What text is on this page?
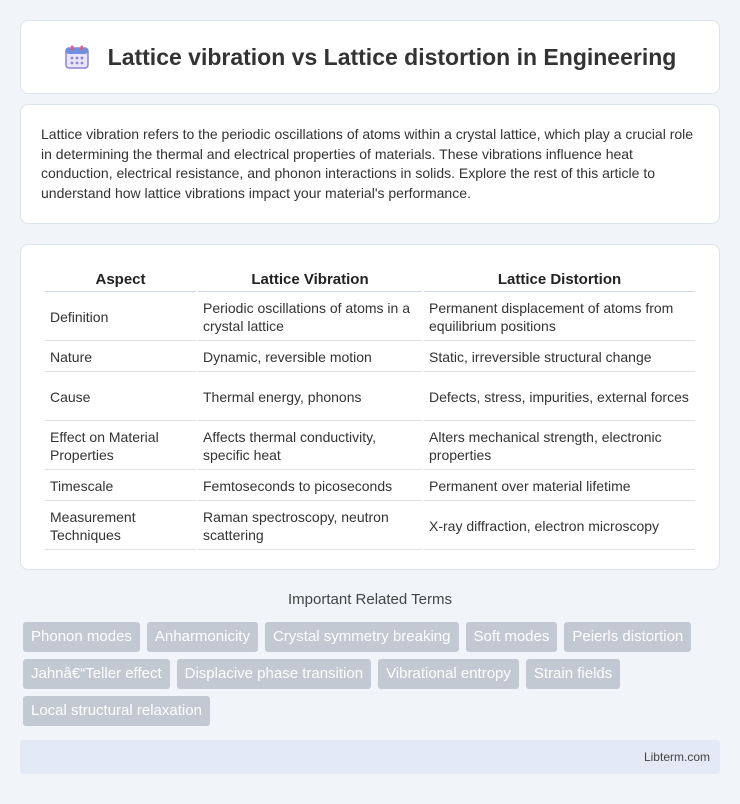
Lattice vibration vs Lattice distortion in Engineering

Lattice vibration refers to the periodic oscillations of atoms within a crystal lattice, which play a crucial role in determining the thermal and electrical properties of materials. These vibrations influence heat conduction, electrical resistance, and phonon interactions in solids. Explore the rest of this article to understand how lattice vibrations impact your material's performance.

Aspect	Lattice Vibration	Lattice Distortion
Definition	Periodic oscillations of atoms in a crystal lattice	Permanent displacement of atoms from equilibrium positions
Nature	Dynamic, reversible motion	Static, irreversible structural change
Cause	Thermal energy, phonons	Defects, stress, impurities, external forces
Effect on Material Properties	Affects thermal conductivity, specific heat	Alters mechanical strength, electronic properties
Timescale	Femtoseconds to picoseconds	Permanent over material lifetime
Measurement Techniques	Raman spectroscopy, neutron scattering	X-ray diffraction, electron microscopy
Important Related Terms
Phonon modes	Anharmonicity	Crystal symmetry breaking	Soft modes	Peierls distortion
Jahnâ€“Teller effect	Displacive phase transition	Vibrational entropy	Strain fields
Local structural relaxation
Libterm.com
